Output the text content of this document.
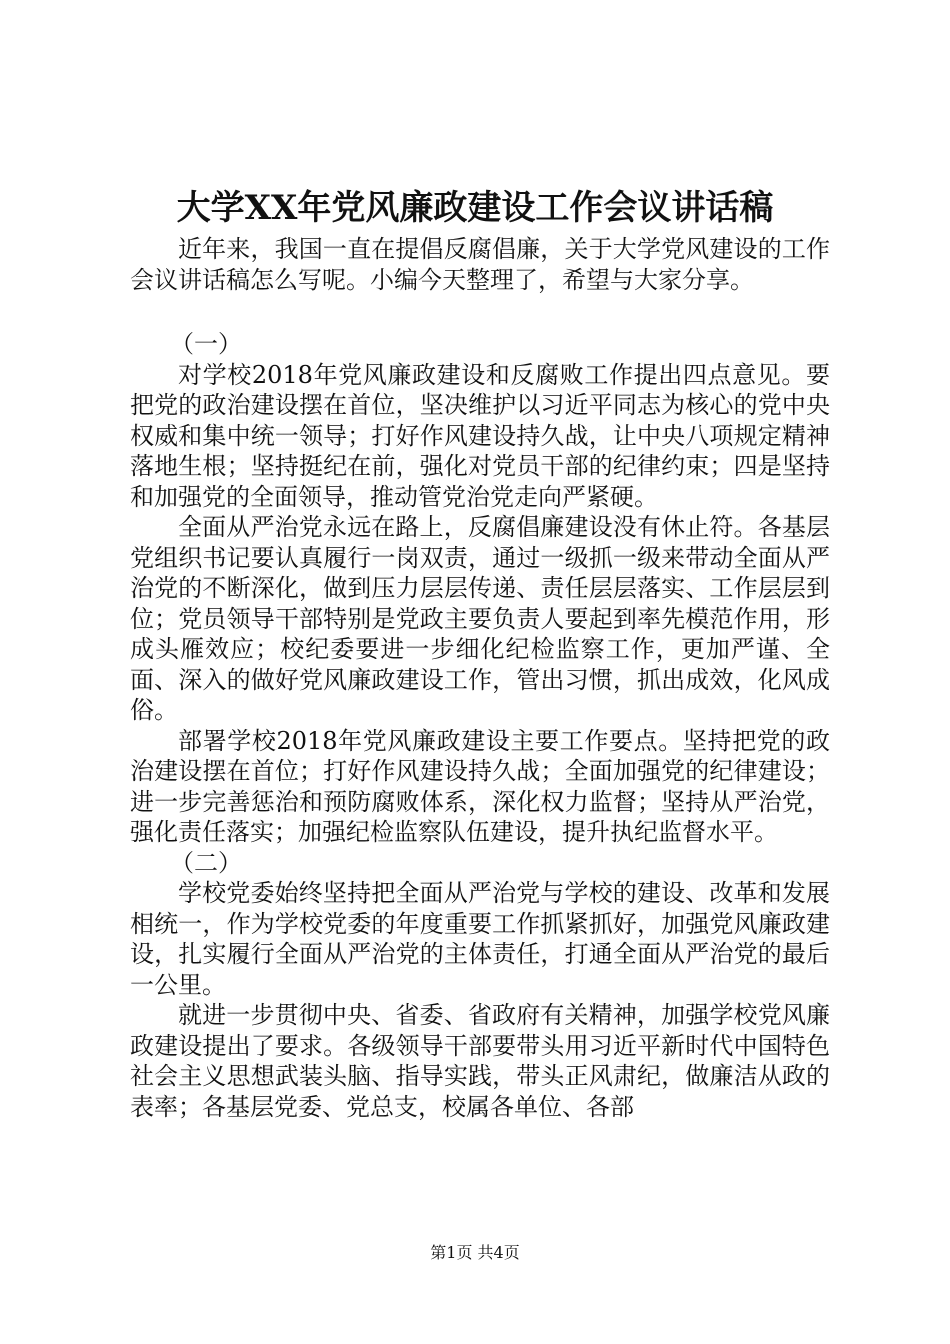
大学XX年党风廉政建设工作会议讲话稿

近年来，我国一直在提倡反腐倡廉，关于大学党风建设的工作会议讲话稿怎么写呢。小编今天整理了，希望与大家分享。

（一）

对学校2018年党风廉政建设和反腐败工作提出四点意见。要把党的政治建设摆在首位，坚决维护以习近平同志为核心的党中央权威和集中统一领导；打好作风建设持久战，让中央八项规定精神落地生根；坚持挺纪在前，强化对党员干部的纪律约束；四是坚持和加强党的全面领导，推动管党治党走向严紧硬。

全面从严治党永远在路上，反腐倡廉建设没有休止符。各基层党组织书记要认真履行一岗双责，通过一级抓一级来带动全面从严治党的不断深化，做到压力层层传递、责任层层落实、工作层层到位；党员领导干部特别是党政主要负责人要起到率先模范作用，形成头雁效应；校纪委要进一步细化纪检监察工作，更加严谨、全面、深入的做好党风廉政建设工作，管出习惯，抓出成效，化风成俗。

部署学校2018年党风廉政建设主要工作要点。坚持把党的政治建设摆在首位；打好作风建设持久战；全面加强党的纪律建设；进一步完善惩治和预防腐败体系，深化权力监督；坚持从严治党，强化责任落实；加强纪检监察队伍建设，提升执纪监督水平。

（二）

学校党委始终坚持把全面从严治党与学校的建设、改革和发展相统一，作为学校党委的年度重要工作抓紧抓好，加强党风廉政建设，扎实履行全面从严治党的主体责任，打通全面从严治党的最后一公里。

就进一步贯彻中央、省委、省政府有关精神，加强学校党风廉政建设提出了要求。各级领导干部要带头用习近平新时代中国特色社会主义思想武装头脑、指导实践，带头正风肃纪，做廉洁从政的表率；各基层党委、党总支，校属各单位、各部

第1页 共4页
